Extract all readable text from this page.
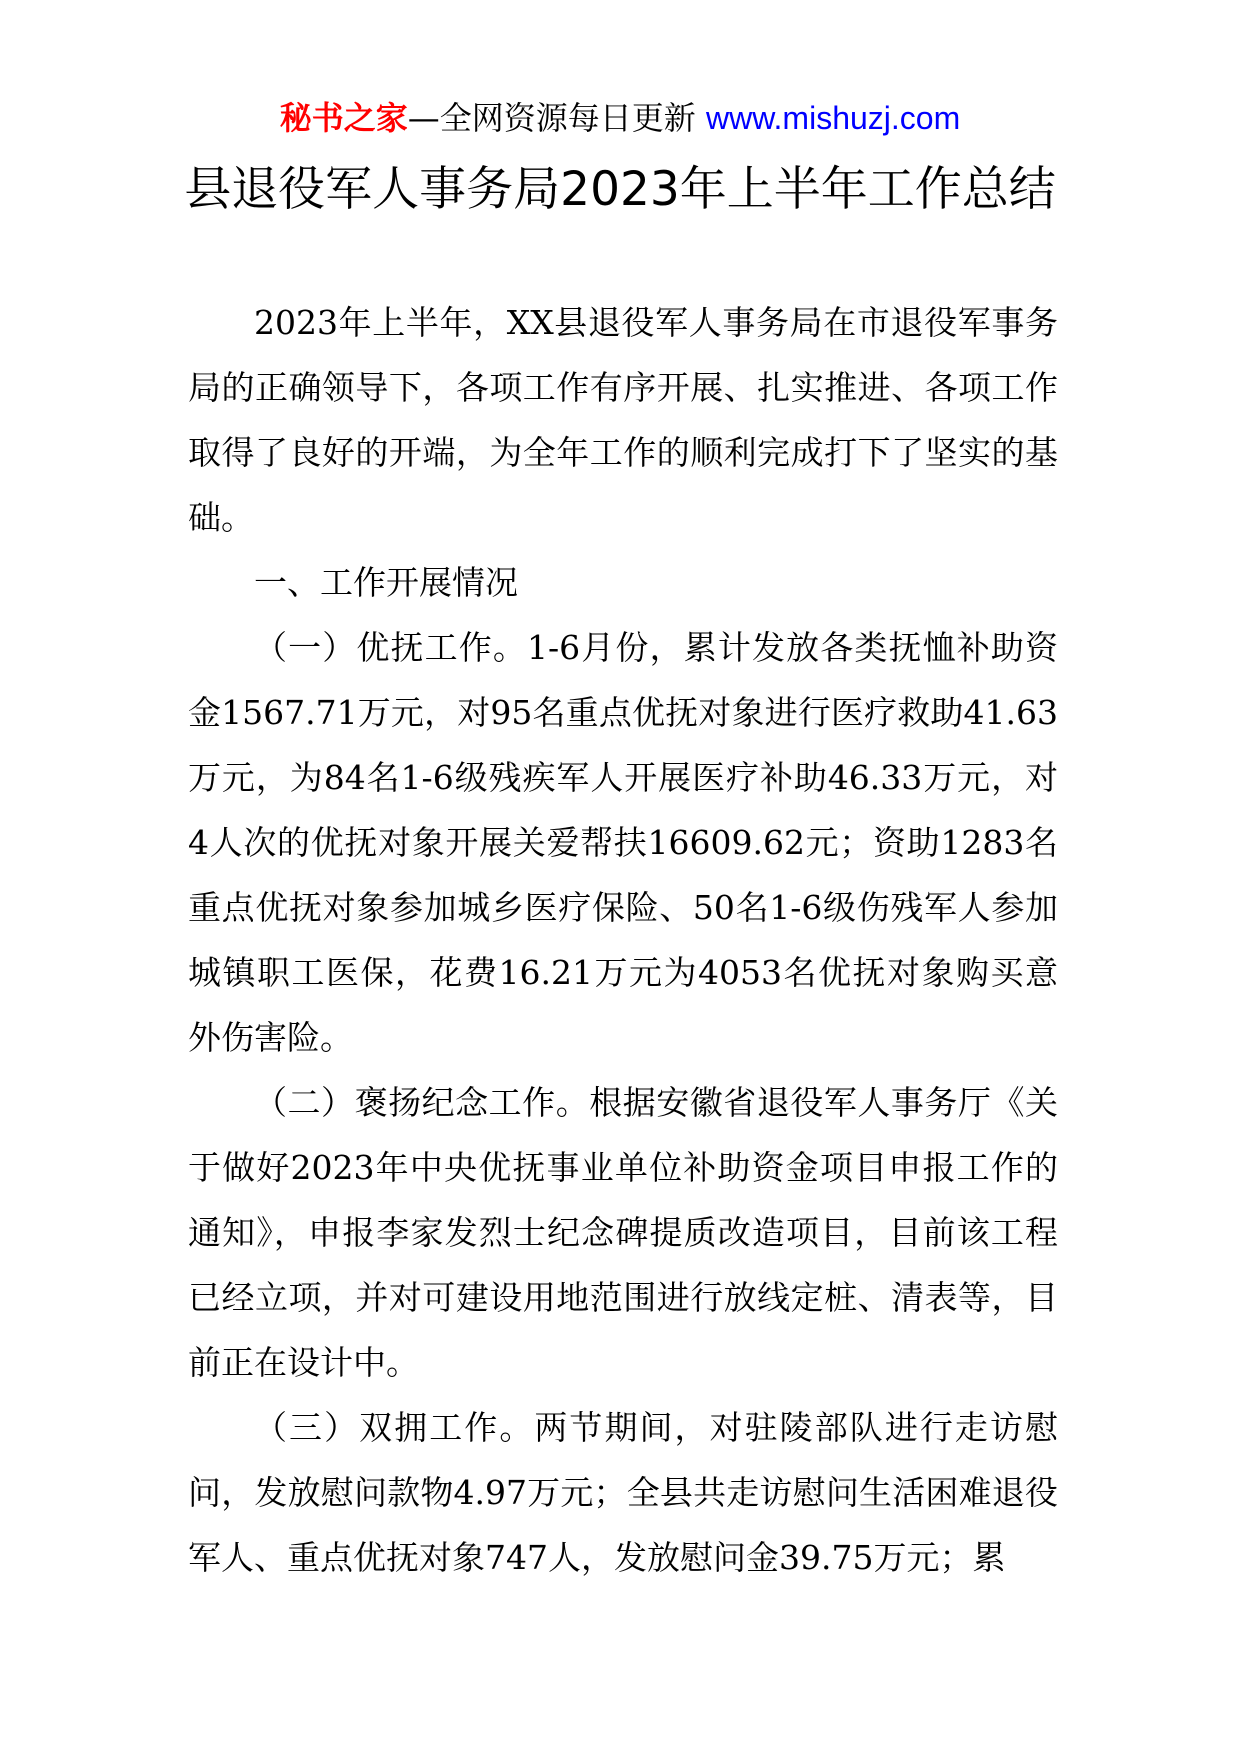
秘书之家—全网资源每日更新 www.mishuzj.com
县退役军人事务局2023年上半年工作总结

2023年上半年，XX县退役军人事务局在市退役军事务局的正确领导下，各项工作有序开展、扎实推进、各项工作取得了良好的开端，为全年工作的顺利完成打下了坚实的基础。

一、工作开展情况

（一）优抚工作。1-6月份，累计发放各类抚恤补助资金1567.71万元，对95名重点优抚对象进行医疗救助41.63万元，为84名1-6级残疾军人开展医疗补助46.33万元，对4人次的优抚对象开展关爱帮扶16609.62元；资助1283名重点优抚对象参加城乡医疗保险、50名1-6级伤残军人参加城镇职工医保，花费16.21万元为4053名优抚对象购买意外伤害险。

（二）褒扬纪念工作。根据安徽省退役军人事务厅《关于做好2023年中央优抚事业单位补助资金项目申报工作的通知》，申报李家发烈士纪念碑提质改造项目，目前该工程已经立项，并对可建设用地范围进行放线定桩、清表等，目前正在设计中。

（三）双拥工作。两节期间，对驻陵部队进行走访慰问，发放慰问款物4.97万元；全县共走访慰问生活困难退役军人、重点优抚对象747人，发放慰问金39.75万元；累
